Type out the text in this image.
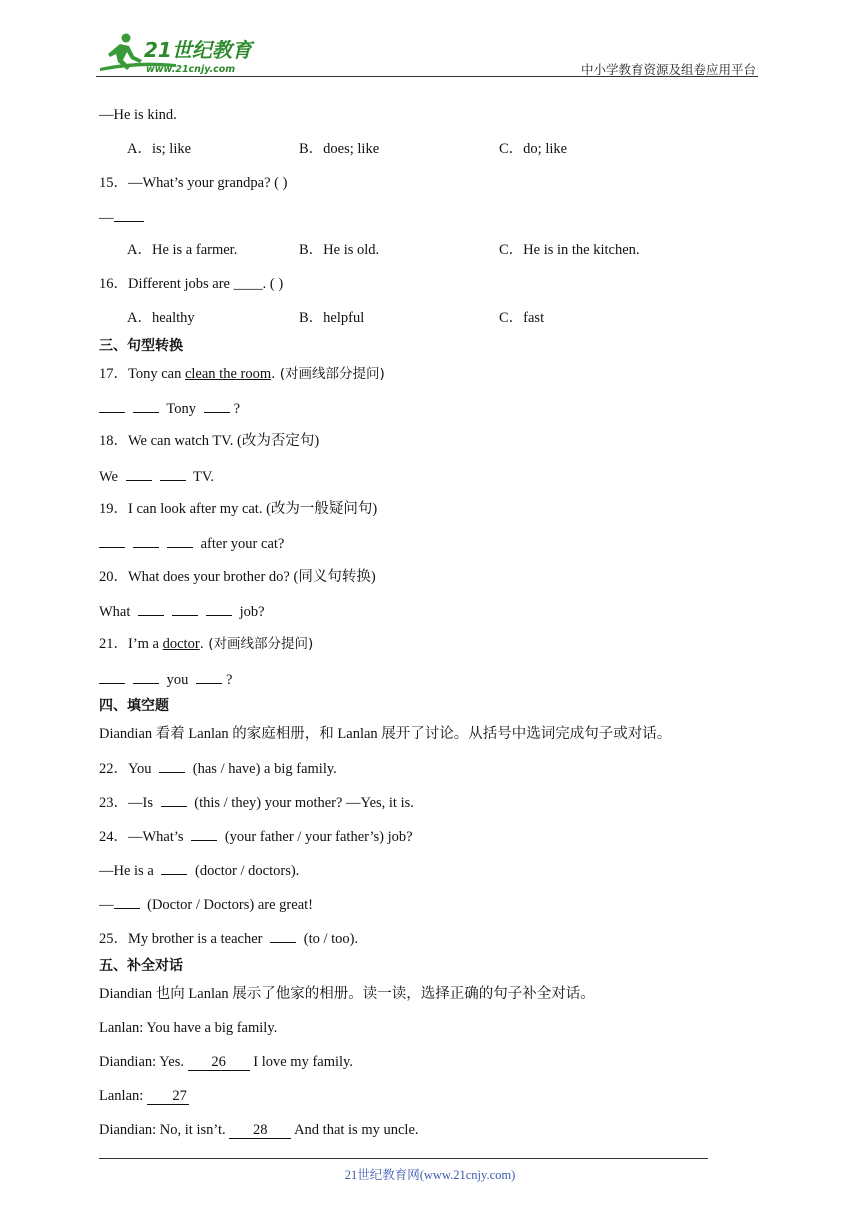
21世纪教育
www.21cnjy.com	中小学教育资源及组卷应用平台
—He is kind.
A．is; like	B．does; like	C．do; like
15．—What’s your grandpa? ( )
—
A．He is a farmer.	B．He is old.	C．He is in the kitchen.
16．Different jobs are ____. ( )
A．healthy	B．helpful	C．fast
三、句型转换
17．Tony can clean the room. (对画线部分提问)
Tony	?
18．We can watch TV. (改为否定句)
We	TV.
19．I can look after my cat. (改为一般疑问句)
after your cat?
20．What does your brother do? (同义句转换)
What	job?
21．I’m a doctor. (对画线部分提问)
you	?
四、填空题
Diandian 看着 Lanlan 的家庭相册，和 Lanlan 展开了讨论。从括号中选词完成句子或对话。
22．You	(has / have) a big family.
23．—Is	(this / they) your mother? —Yes, it is.
24．—What’s	(your father / your father’s) job?
—He is a	(doctor / doctors).
— (Doctor / Doctors) are great!
25．My brother is a teacher	(to / too).
五、补全对话
Diandian 也向 Lanlan 展示了他家的相册。读一读，选择正确的句子补全对话。
Lanlan: You have a big family.
Diandian: Yes. 26 I love my family.
Lanlan: 27
Diandian: No, it isn’t. 28 And that is my uncle.
21世纪教育网(www.21cnjy.com)
